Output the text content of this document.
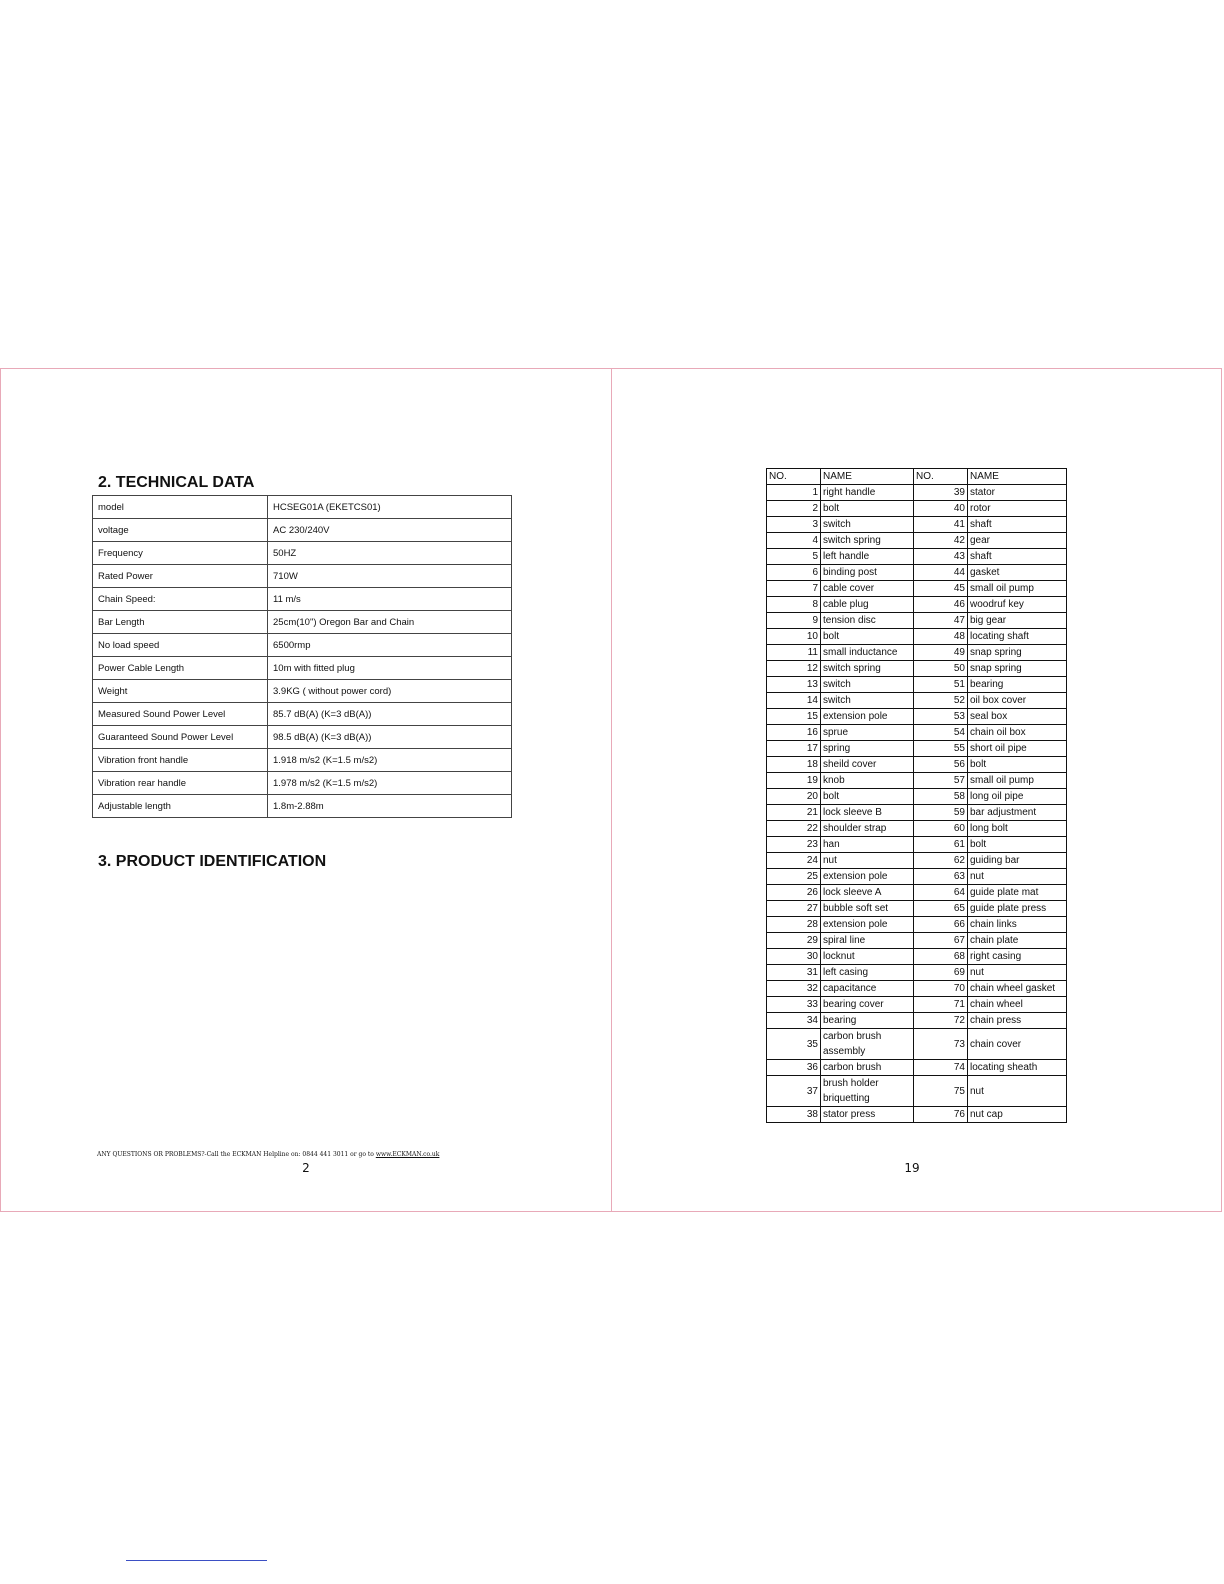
2. TECHNICAL DATA
model	HCSEG01A (EKETCS01)
voltage	AC 230/240V
Frequency	50HZ
Rated Power	710W
Chain Speed:	11 m/s
Bar Length	25cm(10") Oregon Bar and Chain
No load speed	6500rmp
Power Cable Length	10m with fitted plug
Weight	3.9KG ( without power cord)
Measured Sound Power Level	85.7 dB(A) (K=3 dB(A))
Guaranteed Sound Power Level	98.5 dB(A) (K=3 dB(A))
Vibration front handle	1.918 m/s2 (K=1.5 m/s2)
Vibration rear handle	1.978 m/s2 (K=1.5 m/s2)
Adjustable length	1.8m-2.88m
3. PRODUCT IDENTIFICATION
ANY QUESTIONS OR PROBLEMS?-Call the ECKMAN Helpline on: 0844 441 3011 or go to www.ECKMAN.co.uk
2
NO.	NAME	NO.	NAME
1	right handle	39	stator
2	bolt	40	rotor
3	switch	41	shaft
4	switch spring	42	gear
5	left handle	43	shaft
6	binding post	44	gasket
7	cable cover	45	small oil pump
8	cable plug	46	woodruf key
9	tension disc	47	big gear
10	bolt	48	locating shaft
11	small inductance	49	snap spring
12	switch spring	50	snap spring
13	switch	51	bearing
14	switch	52	oil box cover
15	extension pole	53	seal box
16	sprue	54	chain oil box
17	spring	55	short oil pipe
18	sheild cover	56	bolt
19	knob	57	small oil pump
20	bolt	58	long oil pipe
21	lock sleeve B	59	bar adjustment
22	shoulder strap	60	long bolt
23	han	61	bolt
24	nut	62	guiding bar
25	extension pole	63	nut
26	lock sleeve A	64	guide plate mat
27	bubble soft set	65	guide plate press
28	extension pole	66	chain links
29	spiral line	67	chain plate
30	locknut	68	right casing
31	left casing	69	nut
32	capacitance	70	chain wheel gasket
33	bearing cover	71	chain wheel
34	bearing	72	chain press
35	carbon brush assembly	73	chain cover
36	carbon brush	74	locating sheath
37	brush holder briquetting	75	nut
38	stator press	76	nut cap
19
